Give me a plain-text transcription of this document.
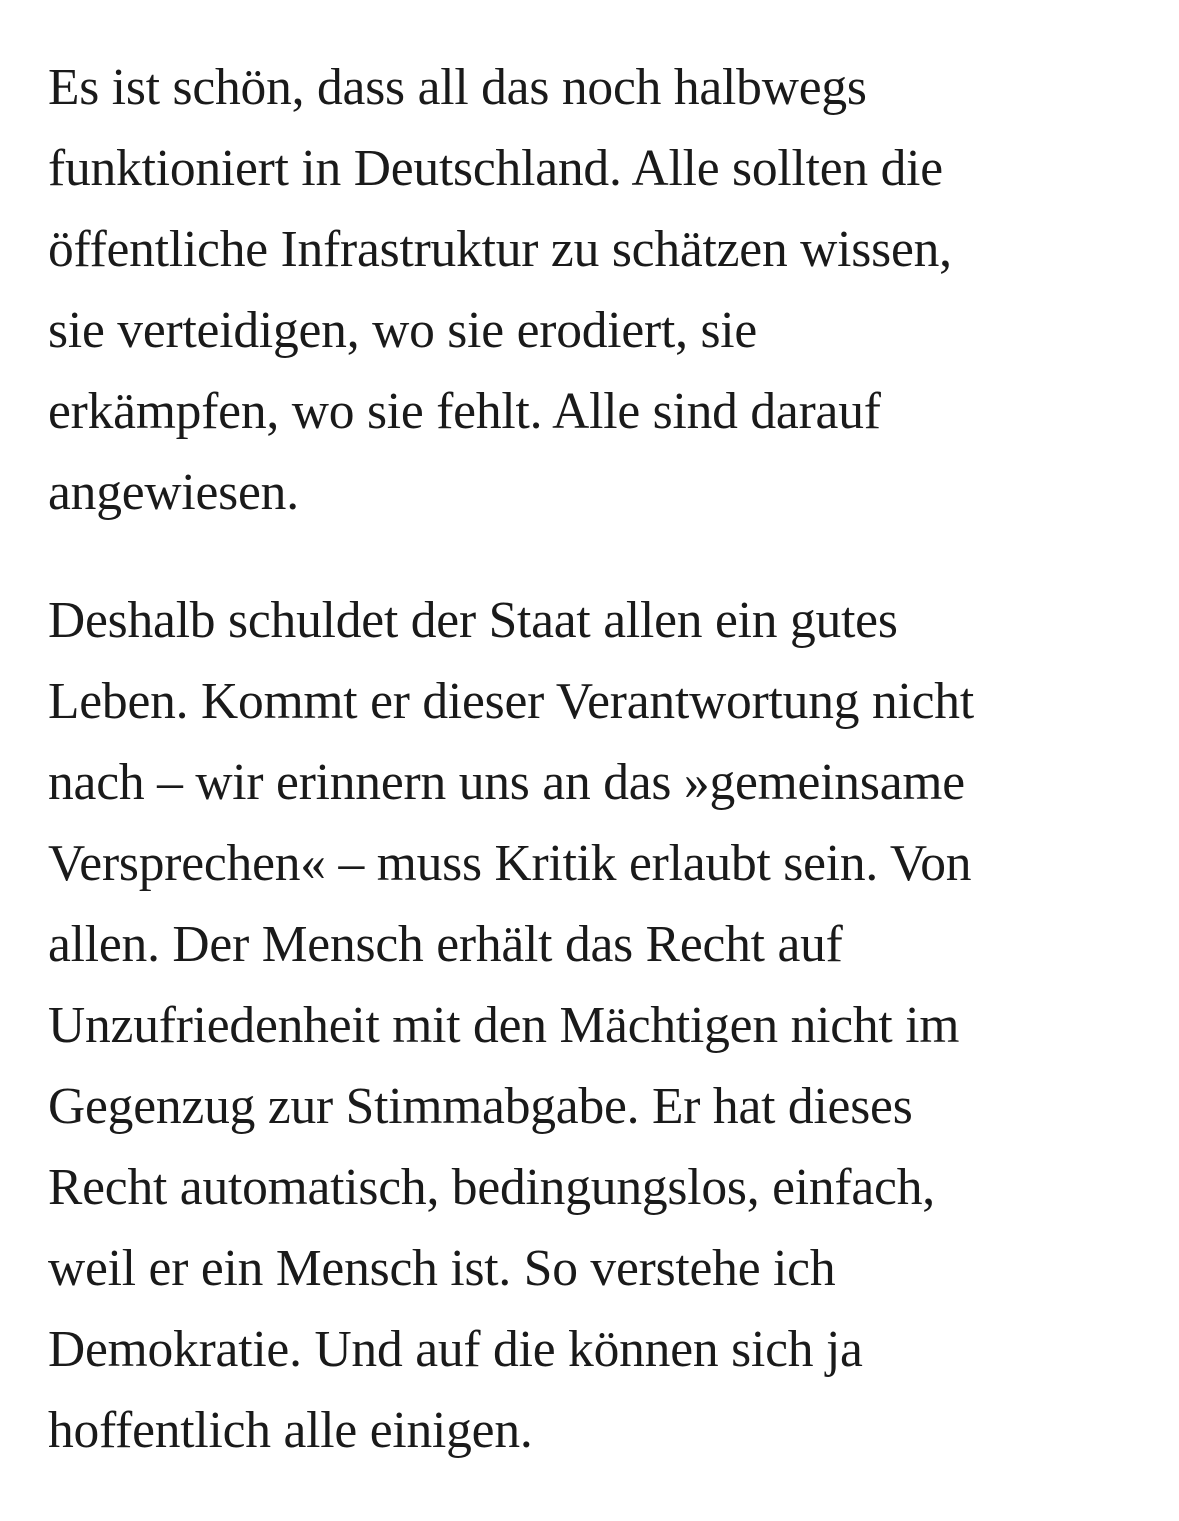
Es ist schön, dass all das noch halbwegs
funktioniert in Deutschland. Alle sollten die
öffentliche Infrastruktur zu schätzen wissen,
sie verteidigen, wo sie erodiert, sie
erkämpfen, wo sie fehlt. Alle sind darauf
angewiesen.

Deshalb schuldet der Staat allen ein gutes
Leben. Kommt er dieser Verantwortung nicht
nach – wir erinnern uns an das »gemeinsame
Versprechen« – muss Kritik erlaubt sein. Von
allen. Der Mensch erhält das Recht auf
Unzufriedenheit mit den Mächtigen nicht im
Gegenzug zur Stimmabgabe. Er hat dieses
Recht automatisch, bedingungslos, einfach,
weil er ein Mensch ist. So verstehe ich
Demokratie. Und auf die können sich ja
hoffentlich alle einigen.
